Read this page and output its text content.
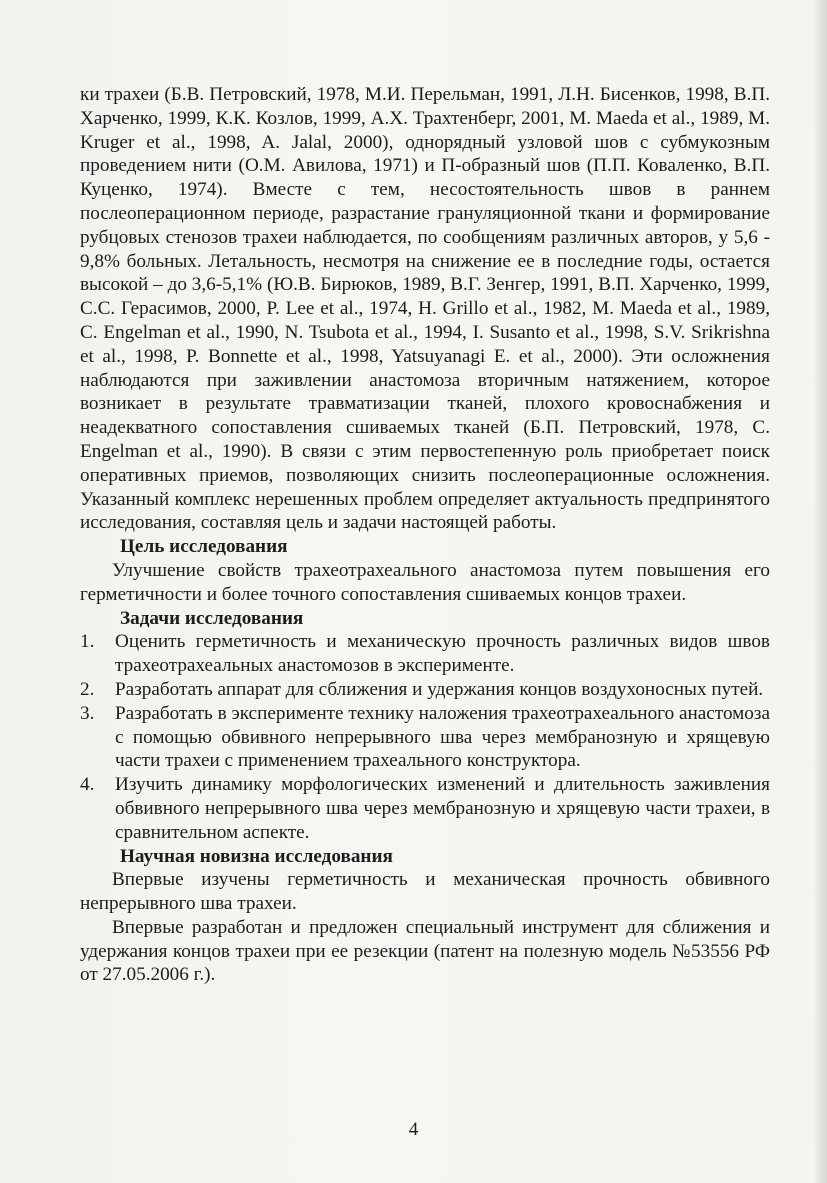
ки трахеи (Б.В. Петровский, 1978, М.И. Перельман, 1991, Л.Н. Бисенков, 1998, В.П. Харченко, 1999, К.К. Козлов, 1999, А.Х. Трахтенберг, 2001, M. Maeda et al., 1989, M. Kruger et al., 1998, A. Jalal, 2000), однорядный узловой шов с субмукозным проведением нити (О.М. Авилова, 1971) и П-образный шов (П.П. Коваленко, В.П. Куценко, 1974). Вместе с тем, несостоятельность швов в раннем послеоперационном периоде, разрастание грануляционной ткани и формирование рубцовых стенозов трахеи наблюдается, по сообщениям различных авторов, у 5,6 - 9,8% больных. Летальность, несмотря на снижение ее в последние годы, остается высокой – до 3,6-5,1% (Ю.В. Бирюков, 1989, В.Г. Зенгер, 1991, В.П. Харченко, 1999, С.С. Герасимов, 2000, P. Lee et al., 1974, H. Grillo et al., 1982, M. Maeda et al., 1989, C. Engelman et al., 1990, N. Tsubota et al., 1994, I. Susanto et al., 1998, S.V. Srikrishna et al., 1998, P. Bonnette et al., 1998, Yatsuyanagi E. et al., 2000). Эти осложнения наблюдаются при заживлении анастомоза вторичным натяжением, которое возникает в результате травматизации тканей, плохого кровоснабжения и неадекватного сопоставления сшиваемых тканей (Б.П. Петровский, 1978, C. Engelman et al., 1990). В связи с этим первостепенную роль приобретает поиск оперативных приемов, позволяющих снизить послеоперационные осложнения. Указанный комплекс нерешенных проблем определяет актуальность предпринятого исследования, составляя цель и задачи настоящей работы.

Цель исследования

Улучшение свойств трахеотрахеального анастомоза путем повышения его герметичности и более точного сопоставления сшиваемых концов трахеи.

Задачи исследования

1.	Оценить герметичность и механическую прочность различных видов швов трахеотрахеальных анастомозов в эксперименте.
2.	Разработать аппарат для сближения и удержания концов воздухоносных путей.
3.	Разработать в эксперименте технику наложения трахеотрахеального анастомоза с помощью обвивного непрерывного шва через мембранозную и хрящевую части трахеи с применением трахеального конструктора.
4.	Изучить динамику морфологических изменений и длительность заживления обвивного непрерывного шва через мембранозную и хрящевую части трахеи, в сравнительном аспекте.

Научная новизна исследования

Впервые изучены герметичность и механическая прочность обвивного непрерывного шва трахеи.

Впервые разработан и предложен специальный инструмент для сближения и удержания концов трахеи при ее резекции (патент на полезную модель №53556 РФ от 27.05.2006 г.).

4
